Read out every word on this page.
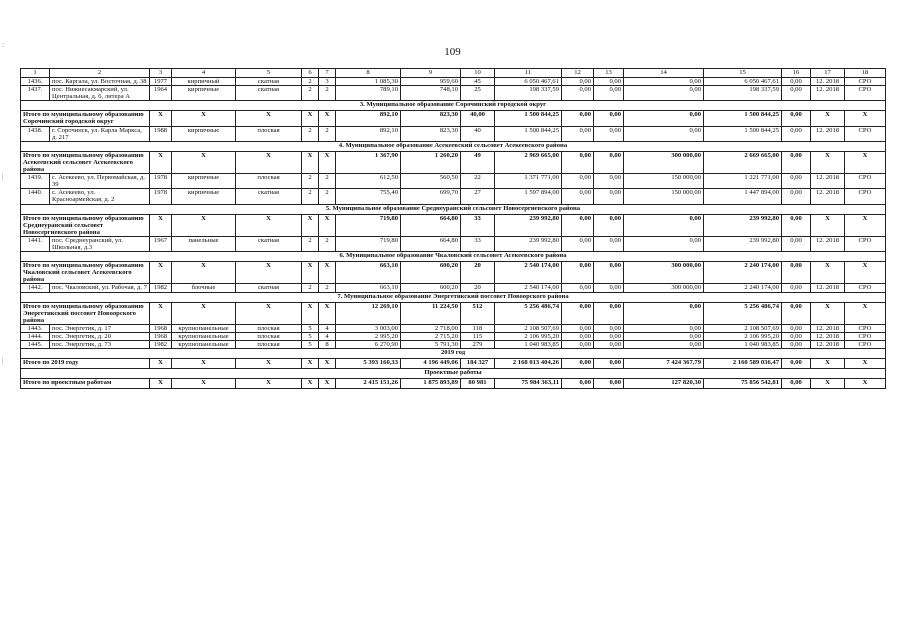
:
|
|
109
1	2	3	4	5	6	7	8	9	10	11	12	13	14	15	16	17	18
1436.	пос. Каргала, ул. Восточная, д. 38	1977	кирпичный	скатная	2	3	1 085,30	959,60	45	6 050 467,61	0,00	0,00	0,00	6 050 467,61	0,00	12. 2018	СРО
1437.	пос. Нижнесакмарский, ул. Центральная, д. 6, литера А	1964	кирпичные	скатная	2	2	789,10	748,10	25	198 337,59	0,00	0,00	0,00	198 337,59	0,00	12. 2018	СРО
3. Муниципальное образование Сорочинский городской округ																	
Итого по муниципальному образованию Сорочинский городской округ		X	X	X	X	X	892,10	823,30	40,00	1 500 844,25	0,00	0,00	0,00	1 500 844,25	0,00	X	X
1438.	г. Сорочинск, ул. Карла Маркса, д. 217	1988	кирпичные	плоская	2	2	892,10	823,30	40	1 500 844,25	0,00	0,00	0,00	1 500 844,25	0,00	12. 2018	СРО
4. Муниципальное образование Асекеевский сельсовет Асекеевского района																	
Итого по муниципальному образованию Асекеевский сельсовет Асекеевского района		X	X	X	X	X	1 367,90	1 260,20	49	2 969 665,00	0,00	0,00	300 000,00	2 669 665,00	0,00	X	X
1439.	с. Асекеево, ул. Первомайская, д. 39	1978	кирпичные	плоская	2	2	612,50	560,50	22	1 371 771,00	0,00	0,00	150 000,00	1 221 771,00	0,00	12. 2018	СРО
1440.	с. Асекеево, ул. Красноармейская, д. 2	1978	кирпичные	скатная	2	2	755,40	699,70	27	1 597 894,00	0,00	0,00	150 000,00	1 447 894,00	0,00	12. 2018	СРО
5. Муниципальное образование Среднеуранский сельсовет Новосергиевского района																	
Итого по муниципальному образованию Среднеуранский сельсовет Новосергиевского района		X	X	X	X	X	719,80	664,80	33	239 992,80	0,00	0,00	0,00	239 992,80	0,00	X	X
1441.	пос. Среднеуранский, ул. Школьная, д.3	1967	панельные	скатная	2	2	719,80	664,80	33	239 992,80	0,00	0,00	0,00	239 992,80	0,00	12. 2018	СРО
6. Муниципальное образование Чкаловский сельсовет Асекеевского района																	
Итого по муниципальному образованию Чкаловский сельсовет Асекеевского района		X	X	X	X	X	663,10	600,20	20	2 540 174,00	0,00	0,00	300 000,00	2 240 174,00	0,00	X	X
1442.	пос. Чкаловский, ул. Рабочая, д. 7	1982	блочные	скатная	2	2	663,10	600,20	20	2 540 174,00	0,00	0,00	300 000,00	2 240 174,00	0,00	12. 2018	СРО
7. Муниципальное образование Энергетикский поссовет Новоорского района																	
Итого по муниципальному образованию Энергетикский поссовет Новоорского района		X	X	X	X	X	12 269,10	11 224,50	512	5 256 486,74	0,00	0,00	0,00	5 256 486,74	0,00	X	X
1443.	пос. Энергетик, д. 17	1968	крупнопанельные	плоская	5	4	3 003,00	2 718,00	118	2 108 507,69	0,00	0,00	0,00	2 108 507,69	0,00	12. 2018	СРО
1444.	пос. Энергетик, д. 20	1968	крупнопанельные	плоская	5	4	2 995,20	2 715,20	115	2 106 995,20	0,00	0,00	0,00	2 106 995,20	0,00	12. 2018	СРО
1445.	пос. Энергетик, д. 73	1982	крупнопанельные	плоская	5	8	6 270,90	5 791,30	279	1 040 983,85	0,00	0,00	0,00	1 040 983,85	0,00	12. 2018	СРО
2019 год																	
Итого по 2019 году		X	X	X	X	X	5 393 160,33	4 196 449,06	184 327	2 168 013 404,26	0,00	0,00	7 424 367,79	2 160 589 036,47	0,00	X	X
Проектные работы																	
Итого по проектным работам		X	X	X	X	X	2 415 151,26	1 875 893,89	80 981	75 984 363,11	0,00	0,00	127 820,30	75 856 542,81	0,00	X	X
